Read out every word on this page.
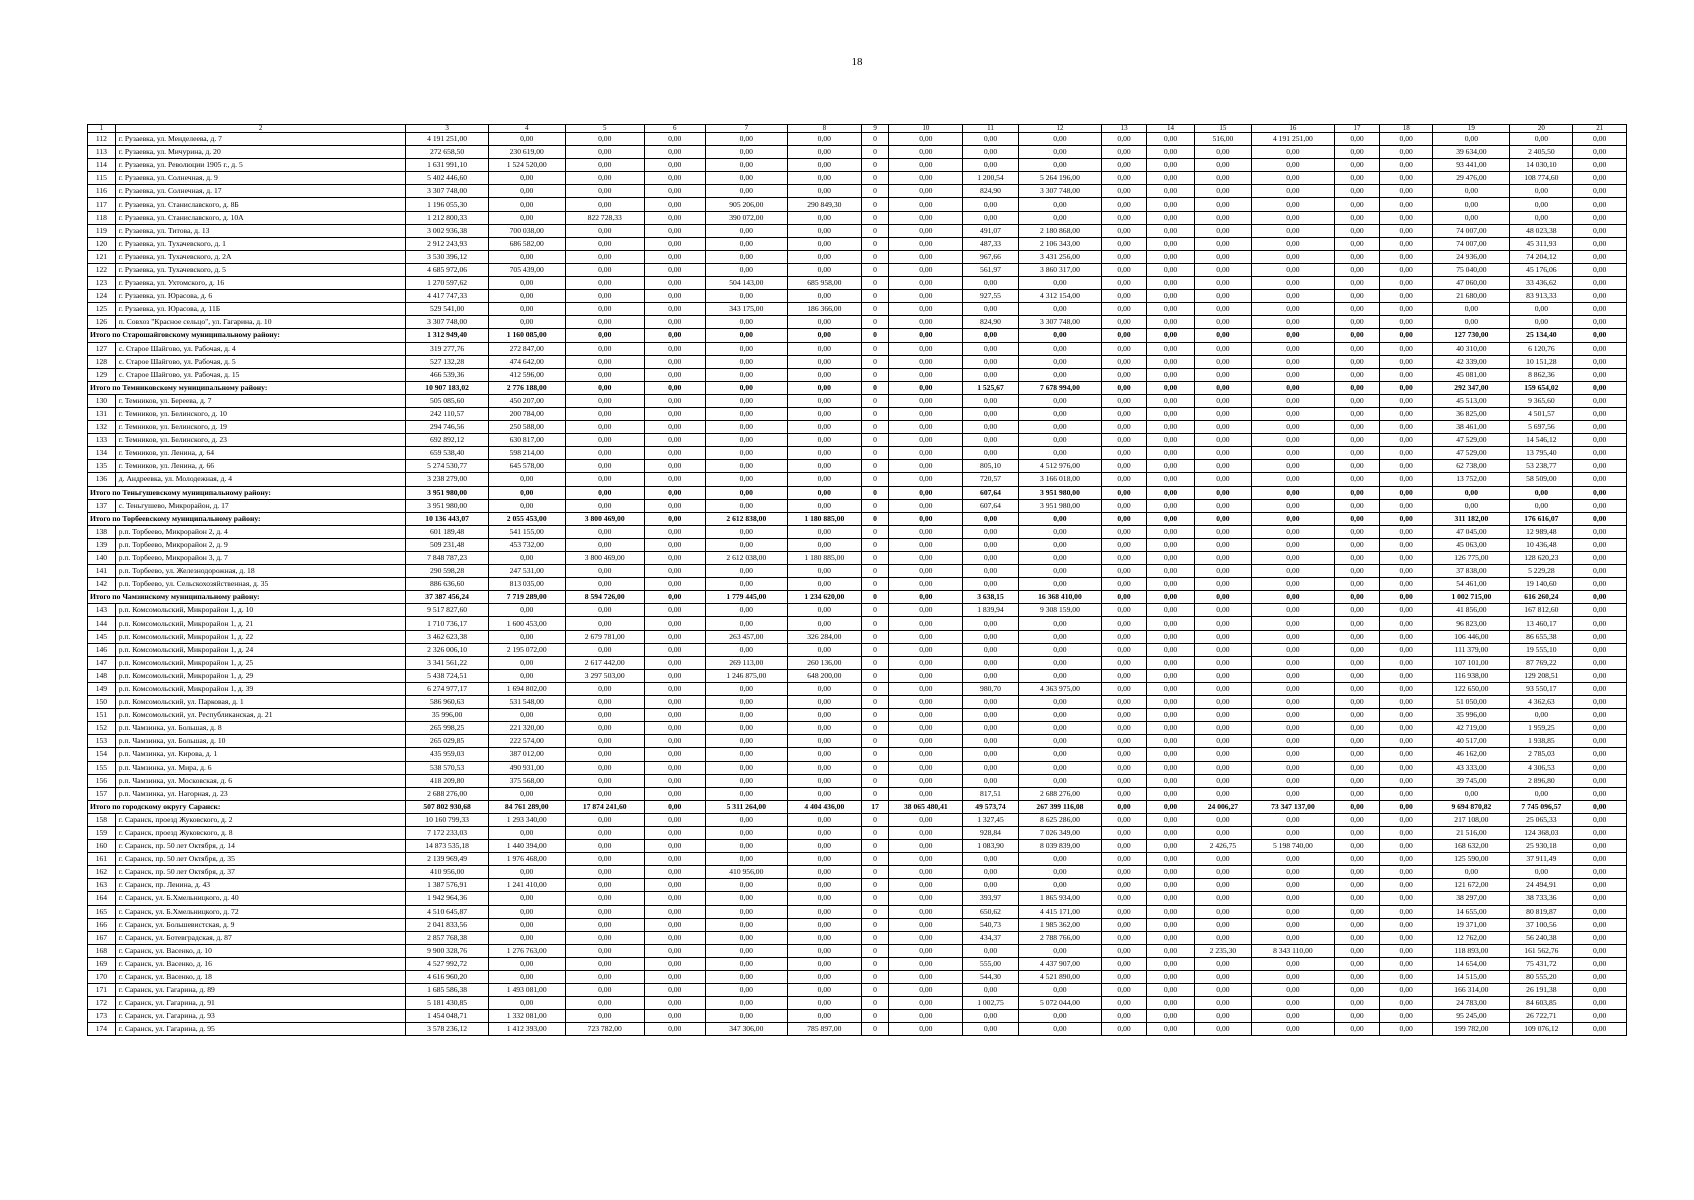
18
1	2	3	4	5	6	7	8	9	10	11	12	13	14	15	16	17	18	19	20	21
112	г. Рузаевка, ул. Менделеева, д. 7	4 191 251,00	0,00	0,00	0,00	0,00	0,00	0	0,00	0,00	0,00	0,00	0,00	516,00	4 191 251,00	0,00	0,00	0,00	0,00	0,00
113	г. Рузаевка, ул. Мичурина, д. 20	272 658,50	230 619,00	0,00	0,00	0,00	0,00	0	0,00	0,00	0,00	0,00	0,00	0,00	0,00	0,00	0,00	39 634,00	2 405,50	0,00
114	г. Рузаевка, ул. Революции 1905 г., д. 5	1 631 991,10	1 524 520,00	0,00	0,00	0,00	0,00	0	0,00	0,00	0,00	0,00	0,00	0,00	0,00	0,00	0,00	93 441,00	14 030,10	0,00
115	г. Рузаевка, ул. Солнечная, д. 9	5 402 446,60	0,00	0,00	0,00	0,00	0,00	0	0,00	1 200,54	5 264 196,00	0,00	0,00	0,00	0,00	0,00	0,00	29 476,00	108 774,60	0,00
116	г. Рузаевка, ул. Солнечная, д. 17	3 307 748,00	0,00	0,00	0,00	0,00	0,00	0	0,00	824,90	3 307 748,00	0,00	0,00	0,00	0,00	0,00	0,00	0,00	0,00	0,00
117	г. Рузаевка, ул. Станиславского, д. 8Б	1 196 055,30	0,00	0,00	0,00	905 206,00	290 849,30	0	0,00	0,00	0,00	0,00	0,00	0,00	0,00	0,00	0,00	0,00	0,00	0,00
118	г. Рузаевка, ул. Станиславского, д. 10А	1 212 800,33	0,00	822 728,33	0,00	390 072,00	0,00	0	0,00	0,00	0,00	0,00	0,00	0,00	0,00	0,00	0,00	0,00	0,00	0,00
119	г. Рузаевка, ул. Титова, д. 13	3 002 936,38	700 038,00	0,00	0,00	0,00	0,00	0	0,00	491,07	2 180 868,00	0,00	0,00	0,00	0,00	0,00	0,00	74 007,00	48 023,38	0,00
120	г. Рузаевка, ул. Тухачевского, д. 1	2 912 243,93	686 582,00	0,00	0,00	0,00	0,00	0	0,00	487,33	2 106 343,00	0,00	0,00	0,00	0,00	0,00	0,00	74 007,00	45 311,93	0,00
121	г. Рузаевка, ул. Тухачевского, д. 2А	3 530 396,12	0,00	0,00	0,00	0,00	0,00	0	0,00	967,66	3 431 256,00	0,00	0,00	0,00	0,00	0,00	0,00	24 936,00	74 204,12	0,00
122	г. Рузаевка, ул. Тухачевского, д. 5	4 685 972,06	705 439,00	0,00	0,00	0,00	0,00	0	0,00	561,97	3 860 317,00	0,00	0,00	0,00	0,00	0,00	0,00	75 040,00	45 176,06	0,00
123	г. Рузаевка, ул. Ухтомского, д. 16	1 270 597,62	0,00	0,00	0,00	504 143,00	685 958,00	0	0,00	0,00	0,00	0,00	0,00	0,00	0,00	0,00	0,00	47 060,00	33 436,62	0,00
124	г. Рузаевка, ул. Юрасова, д. 6	4 417 747,33	0,00	0,00	0,00	0,00	0,00	0	0,00	927,55	4 312 154,00	0,00	0,00	0,00	0,00	0,00	0,00	21 680,00	83 913,33	0,00
125	г. Рузаевка, ул. Юрасова, д. 11Б	529 541,00	0,00	0,00	0,00	343 175,00	186 366,00	0	0,00	0,00	0,00	0,00	0,00	0,00	0,00	0,00	0,00	0,00	0,00	0,00
126	п. Совхоз "Красное сельцо", ул. Гагарина, д. 10	3 307 748,00	0,00	0,00	0,00	0,00	0,00	0	0,00	824,90	3 307 748,00	0,00	0,00	0,00	0,00	0,00	0,00	0,00	0,00	0,00
Итого по Старошайговскому муниципальному району:		1 312 949,40	1 160 085,00	0,00	0,00	0,00	0,00	0	0,00	0,00	0,00	0,00	0,00	0,00	0,00	0,00	0,00	127 730,00	25 134,40	0,00
127	с. Старое Шайгово, ул. Рабочая, д. 4	319 277,76	272 847,00	0,00	0,00	0,00	0,00	0	0,00	0,00	0,00	0,00	0,00	0,00	0,00	0,00	0,00	40 310,00	6 120,76	0,00
128	с. Старое Шайгово, ул. Рабочая, д. 5	527 132,28	474 642,00	0,00	0,00	0,00	0,00	0	0,00	0,00	0,00	0,00	0,00	0,00	0,00	0,00	0,00	42 339,00	10 151,28	0,00
129	с. Старое Шайгово, ул. Рабочая, д. 15	466 539,36	412 596,00	0,00	0,00	0,00	0,00	0	0,00	0,00	0,00	0,00	0,00	0,00	0,00	0,00	0,00	45 081,00	8 862,36	0,00
Итого по Темниковскому муниципальному району:		10 907 183,02	2 776 188,00	0,00	0,00	0,00	0,00	0	0,00	1 525,67	7 678 994,00	0,00	0,00	0,00	0,00	0,00	0,00	292 347,00	159 654,02	0,00
130	г. Темников, ул. Береева, д. 7	505 085,60	450 207,00	0,00	0,00	0,00	0,00	0	0,00	0,00	0,00	0,00	0,00	0,00	0,00	0,00	0,00	45 513,00	9 365,60	0,00
131	г. Темников, ул. Белинского, д. 10	242 110,57	200 784,00	0,00	0,00	0,00	0,00	0	0,00	0,00	0,00	0,00	0,00	0,00	0,00	0,00	0,00	36 825,00	4 501,57	0,00
132	г. Темников, ул. Белинского, д. 19	294 746,56	250 588,00	0,00	0,00	0,00	0,00	0	0,00	0,00	0,00	0,00	0,00	0,00	0,00	0,00	0,00	38 461,00	5 697,56	0,00
133	г. Темников, ул. Белинского, д. 23	692 892,12	630 817,00	0,00	0,00	0,00	0,00	0	0,00	0,00	0,00	0,00	0,00	0,00	0,00	0,00	0,00	47 529,00	14 546,12	0,00
134	г. Темников, ул. Ленина, д. 64	659 538,40	598 214,00	0,00	0,00	0,00	0,00	0	0,00	0,00	0,00	0,00	0,00	0,00	0,00	0,00	0,00	47 529,00	13 795,40	0,00
135	г. Темников, ул. Ленина, д. 66	5 274 530,77	645 578,00	0,00	0,00	0,00	0,00	0	0,00	805,10	4 512 976,00	0,00	0,00	0,00	0,00	0,00	0,00	62 738,00	53 238,77	0,00
136	д. Андреевка, ул. Молодежная, д. 4	3 238 279,00	0,00	0,00	0,00	0,00	0,00	0	0,00	720,57	3 166 018,00	0,00	0,00	0,00	0,00	0,00	0,00	13 752,00	58 509,00	0,00
Итого по Теньгушевскому муниципальному району:		3 951 980,00	0,00	0,00	0,00	0,00	0,00	0	0,00	607,64	3 951 980,00	0,00	0,00	0,00	0,00	0,00	0,00	0,00	0,00	0,00
137	с. Теньгушево, Микрорайон, д. 17	3 951 980,00	0,00	0,00	0,00	0,00	0,00	0	0,00	607,64	3 951 980,00	0,00	0,00	0,00	0,00	0,00	0,00	0,00	0,00	0,00
Итого по Торбеевскому муниципальному району:		10 136 443,07	2 055 453,00	3 800 469,00	0,00	2 612 838,00	1 180 885,00	0	0,00	0,00	0,00	0,00	0,00	0,00	0,00	0,00	0,00	311 182,00	176 616,07	0,00
138	р.п. Торбеево, Микрорайон 2, д. 4	601 189,48	541 155,00	0,00	0,00	0,00	0,00	0	0,00	0,00	0,00	0,00	0,00	0,00	0,00	0,00	0,00	47 045,00	12 989,48	0,00
139	р.п. Торбеево, Микрорайон 2, д. 9	509 231,48	453 732,00	0,00	0,00	0,00	0,00	0	0,00	0,00	0,00	0,00	0,00	0,00	0,00	0,00	0,00	45 063,00	10 436,48	0,00
140	р.п. Торбеево, Микрорайон 3, д. 7	7 848 787,23	0,00	3 800 469,00	0,00	2 612 038,00	1 180 885,00	0	0,00	0,00	0,00	0,00	0,00	0,00	0,00	0,00	0,00	126 775,00	128 620,23	0,00
141	р.п. Торбеево, ул. Железнодорожная, д. 18	290 598,28	247 531,00	0,00	0,00	0,00	0,00	0	0,00	0,00	0,00	0,00	0,00	0,00	0,00	0,00	0,00	37 838,00	5 229,28	0,00
142	р.п. Торбеево, ул. Сельскохозяйственная, д. 35	886 636,60	813 035,00	0,00	0,00	0,00	0,00	0	0,00	0,00	0,00	0,00	0,00	0,00	0,00	0,00	0,00	54 461,00	19 140,60	0,00
Итого по Чамзинскому муниципальному району:		37 387 456,24	7 719 289,00	8 594 726,00	0,00	1 779 445,00	1 234 620,00	0	0,00	3 638,15	16 368 410,00	0,00	0,00	0,00	0,00	0,00	0,00	1 002 715,00	616 260,24	0,00
143	р.п. Комсомольский, Микрорайон 1, д. 10	9 517 827,60	0,00	0,00	0,00	0,00	0,00	0	0,00	1 839,94	9 308 159,00	0,00	0,00	0,00	0,00	0,00	0,00	41 856,00	167 812,60	0,00
144	р.п. Комсомольский, Микрорайон 1, д. 21	1 710 736,17	1 600 453,00	0,00	0,00	0,00	0,00	0	0,00	0,00	0,00	0,00	0,00	0,00	0,00	0,00	0,00	96 823,00	13 460,17	0,00
145	р.п. Комсомольский, Микрорайон 1, д. 22	3 462 623,38	0,00	2 679 781,00	0,00	263 457,00	326 284,00	0	0,00	0,00	0,00	0,00	0,00	0,00	0,00	0,00	0,00	106 446,00	86 655,38	0,00
146	р.п. Комсомольский, Микрорайон 1, д. 24	2 326 006,10	2 195 072,00	0,00	0,00	0,00	0,00	0	0,00	0,00	0,00	0,00	0,00	0,00	0,00	0,00	0,00	111 379,00	19 555,10	0,00
147	р.п. Комсомольский, Микрорайон 1, д. 25	3 341 561,22	0,00	2 617 442,00	0,00	269 113,00	260 136,00	0	0,00	0,00	0,00	0,00	0,00	0,00	0,00	0,00	0,00	107 101,00	87 769,22	0,00
148	р.п. Комсомольский, Микрорайон 1, д. 29	5 438 724,51	0,00	3 297 503,00	0,00	1 246 875,00	648 200,00	0	0,00	0,00	0,00	0,00	0,00	0,00	0,00	0,00	0,00	116 938,00	129 208,51	0,00
149	р.п. Комсомольский, Микрорайон 1, д. 39	6 274 977,17	1 694 802,00	0,00	0,00	0,00	0,00	0	0,00	980,70	4 363 975,00	0,00	0,00	0,00	0,00	0,00	0,00	122 650,00	93 550,17	0,00
150	р.п. Комсомольский, ул. Парковая, д. 1	586 960,63	531 548,00	0,00	0,00	0,00	0,00	0	0,00	0,00	0,00	0,00	0,00	0,00	0,00	0,00	0,00	51 050,00	4 362,63	0,00
151	р.п. Комсомольский, ул. Республиканская, д. 21	35 996,00	0,00	0,00	0,00	0,00	0,00	0	0,00	0,00	0,00	0,00	0,00	0,00	0,00	0,00	0,00	35 996,00	0,00	0,00
152	р.п. Чамзинка, ул. Большая, д. 8	265 998,25	221 320,00	0,00	0,00	0,00	0,00	0	0,00	0,00	0,00	0,00	0,00	0,00	0,00	0,00	0,00	42 719,00	1 959,25	0,00
153	р.п. Чамзинка, ул. Большая, д. 10	265 029,85	222 574,00	0,00	0,00	0,00	0,00	0	0,00	0,00	0,00	0,00	0,00	0,00	0,00	0,00	0,00	40 517,00	1 938,85	0,00
154	р.п. Чамзинка, ул. Кирова, д. 1	435 959,03	387 012,00	0,00	0,00	0,00	0,00	0	0,00	0,00	0,00	0,00	0,00	0,00	0,00	0,00	0,00	46 162,00	2 785,03	0,00
155	р.п. Чамзинка, ул. Мира, д. 6	538 570,53	490 931,00	0,00	0,00	0,00	0,00	0	0,00	0,00	0,00	0,00	0,00	0,00	0,00	0,00	0,00	43 333,00	4 306,53	0,00
156	р.п. Чамзинка, ул. Московская, д. 6	418 209,80	375 568,00	0,00	0,00	0,00	0,00	0	0,00	0,00	0,00	0,00	0,00	0,00	0,00	0,00	0,00	39 745,00	2 896,80	0,00
157	р.п. Чамзинка, ул. Нагорная, д. 23	2 688 276,00	0,00	0,00	0,00	0,00	0,00	0	0,00	817,51	2 688 276,00	0,00	0,00	0,00	0,00	0,00	0,00	0,00	0,00	0,00
Итого по городскому округу Саранск:		507 802 930,68	84 761 289,00	17 874 241,60	0,00	5 311 264,00	4 404 436,00	17	38 065 480,41	49 573,74	267 399 116,08	0,00	0,00	24 006,27	73 347 137,00	0,00	0,00	9 694 870,82	7 745 096,57	0,00
158	г. Саранск, проезд Жуковского, д. 2	10 160 799,33	1 293 340,00	0,00	0,00	0,00	0,00	0	0,00	1 327,45	8 625 286,00	0,00	0,00	0,00	0,00	0,00	0,00	217 108,00	25 065,33	0,00
159	г. Саранск, проезд Жуковского, д. 8	7 172 233,03	0,00	0,00	0,00	0,00	0,00	0	0,00	928,84	7 026 349,00	0,00	0,00	0,00	0,00	0,00	0,00	21 516,00	124 368,03	0,00
160	г. Саранск, пр. 50 лет Октября, д. 14	14 873 535,18	1 440 394,00	0,00	0,00	0,00	0,00	0	0,00	1 083,90	8 039 839,00	0,00	0,00	2 426,75	5 198 740,00	0,00	0,00	168 632,00	25 930,18	0,00
161	г. Саранск, пр. 50 лет Октября, д. 35	2 139 969,49	1 976 468,00	0,00	0,00	0,00	0,00	0	0,00	0,00	0,00	0,00	0,00	0,00	0,00	0,00	0,00	125 590,00	37 911,49	0,00
162	г. Саранск, пр. 50 лет Октября, д. 37	410 956,00	0,00	0,00	0,00	410 956,00	0,00	0	0,00	0,00	0,00	0,00	0,00	0,00	0,00	0,00	0,00	0,00	0,00	0,00
163	г. Саранск, пр. Ленина, д. 43	1 387 576,91	1 241 410,00	0,00	0,00	0,00	0,00	0	0,00	0,00	0,00	0,00	0,00	0,00	0,00	0,00	0,00	121 672,00	24 494,91	0,00
164	г. Саранск, ул. Б.Хмельницкого, д. 40	1 942 964,36	0,00	0,00	0,00	0,00	0,00	0	0,00	393,97	1 865 934,00	0,00	0,00	0,00	0,00	0,00	0,00	38 297,00	38 733,36	0,00
165	г. Саранск, ул. Б.Хмельницкого, д. 72	4 510 645,87	0,00	0,00	0,00	0,00	0,00	0	0,00	650,62	4 415 171,00	0,00	0,00	0,00	0,00	0,00	0,00	14 655,00	80 819,87	0,00
166	г. Саранск, ул. Большевистская, д. 9	2 041 833,56	0,00	0,00	0,00	0,00	0,00	0	0,00	540,73	1 985 362,00	0,00	0,00	0,00	0,00	0,00	0,00	19 371,00	37 100,56	0,00
167	г. Саранск, ул. Ботевградская, д. 87	2 857 768,38	0,00	0,00	0,00	0,00	0,00	0	0,00	434,37	2 788 766,00	0,00	0,00	0,00	0,00	0,00	0,00	12 762,00	56 240,38	0,00
168	г. Саранск, ул. Васенко, д. 10	9 900 328,76	1 276 763,00	0,00	0,00	0,00	0,00	0	0,00	0,00	0,00	0,00	0,00	2 235,30	8 343 110,00	0,00	0,00	118 893,00	161 562,76	0,00
169	г. Саранск, ул. Васенко, д. 16	4 527 992,72	0,00	0,00	0,00	0,00	0,00	0	0,00	555,00	4 437 907,00	0,00	0,00	0,00	0,00	0,00	0,00	14 654,00	75 431,72	0,00
170	г. Саранск, ул. Васенко, д. 18	4 616 960,20	0,00	0,00	0,00	0,00	0,00	0	0,00	544,30	4 521 890,00	0,00	0,00	0,00	0,00	0,00	0,00	14 515,00	80 555,20	0,00
171	г. Саранск, ул. Гагарина, д. 89	1 685 586,38	1 493 081,00	0,00	0,00	0,00	0,00	0	0,00	0,00	0,00	0,00	0,00	0,00	0,00	0,00	0,00	166 314,00	26 191,38	0,00
172	г. Саранск, ул. Гагарина, д. 91	5 181 430,85	0,00	0,00	0,00	0,00	0,00	0	0,00	1 002,75	5 072 044,00	0,00	0,00	0,00	0,00	0,00	0,00	24 783,00	84 603,85	0,00
173	г. Саранск, ул. Гагарина, д. 93	1 454 048,71	1 332 081,00	0,00	0,00	0,00	0,00	0	0,00	0,00	0,00	0,00	0,00	0,00	0,00	0,00	0,00	95 245,00	26 722,71	0,00
174	г. Саранск, ул. Гагарина, д. 95	3 578 236,12	1 412 393,00	723 782,00	0,00	347 306,00	785 897,00	0	0,00	0,00	0,00	0,00	0,00	0,00	0,00	0,00	0,00	199 782,00	109 076,12	0,00
